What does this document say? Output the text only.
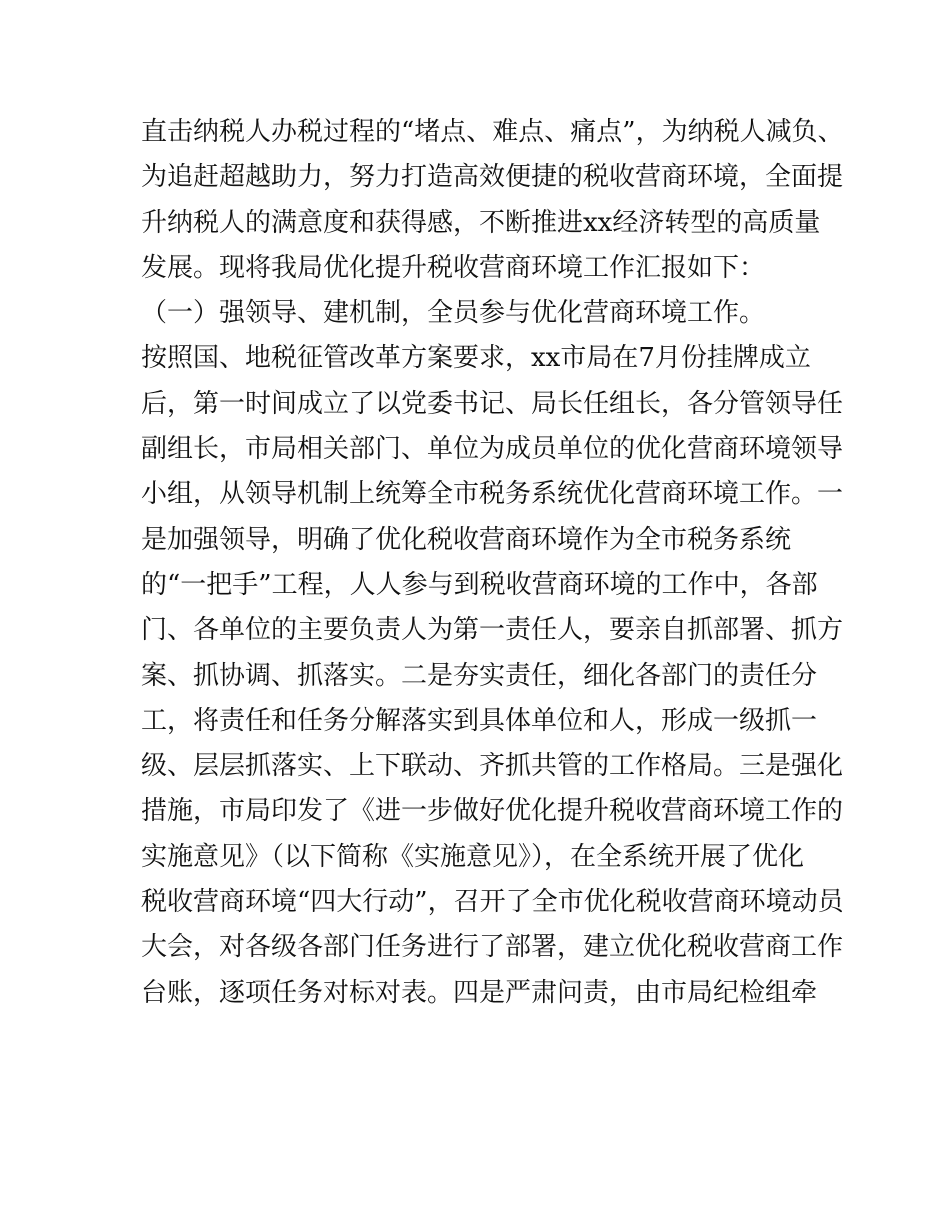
直击纳税人办税过程的“堵点、难点、痛点”，为纳税人减负、
为追赶超越助力，努力打造高效便捷的税收营商环境，全面提
升纳税人的满意度和获得感，不断推进xx经济转型的高质量
发展。现将我局优化提升税收营商环境工作汇报如下：
（一）强领导、建机制，全员参与优化营商环境工作。
按照国、地税征管改革方案要求，xx市局在7月份挂牌成立
后，第一时间成立了以党委书记、局长任组长，各分管领导任
副组长，市局相关部门、单位为成员单位的优化营商环境领导
小组，从领导机制上统筹全市税务系统优化营商环境工作。一
是加强领导，明确了优化税收营商环境作为全市税务系统
的“一把手”工程，人人参与到税收营商环境的工作中，各部
门、各单位的主要负责人为第一责任人，要亲自抓部署、抓方
案、抓协调、抓落实。二是夯实责任，细化各部门的责任分
工，将责任和任务分解落实到具体单位和人，形成一级抓一
级、层层抓落实、上下联动、齐抓共管的工作格局。三是强化
措施，市局印发了《进一步做好优化提升税收营商环境工作的
实施意见》（以下简称《实施意见》），在全系统开展了优化
税收营商环境“四大行动”，召开了全市优化税收营商环境动员
大会，对各级各部门任务进行了部署，建立优化税收营商工作
台账，逐项任务对标对表。四是严肃问责，由市局纪检组牵
